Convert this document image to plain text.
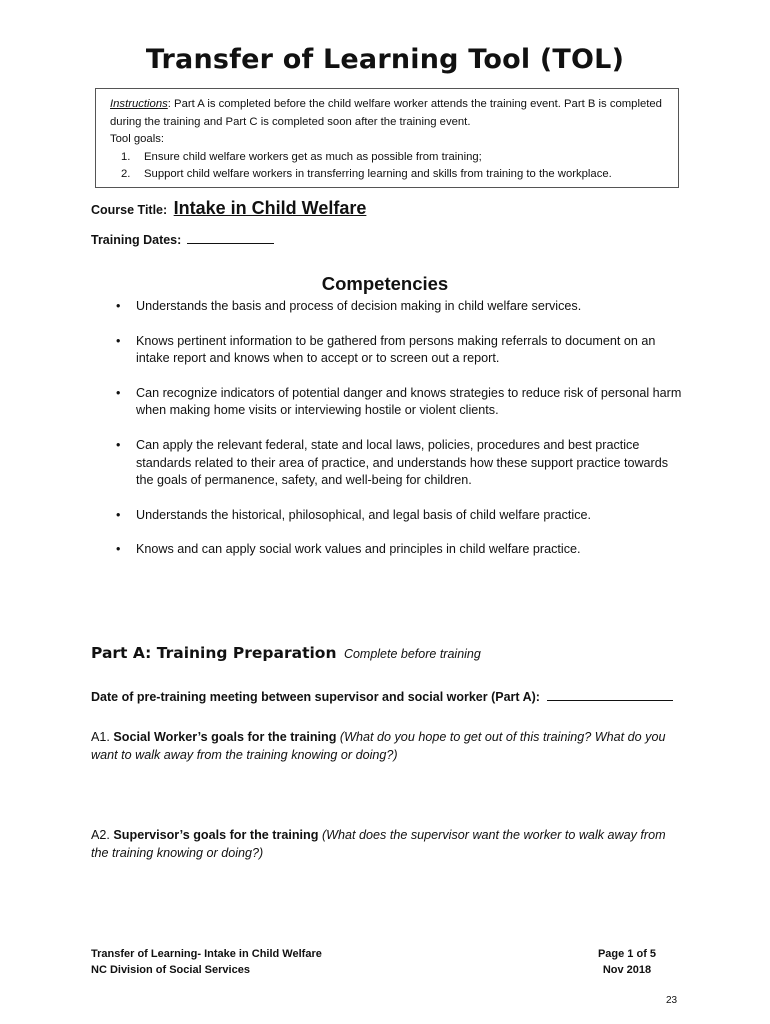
Transfer of Learning Tool (TOL)
Instructions: Part A is completed before the child welfare worker attends the training event. Part B is completed during the training and Part C is completed soon after the training event.
Tool goals:
1. Ensure child welfare workers get as much as possible from training;
2. Support child welfare workers in transferring learning and skills from training to the workplace.
Course Title: Intake in Child Welfare
Training Dates:
Competencies
• Understands the basis and process of decision making in child welfare services.
• Knows pertinent information to be gathered from persons making referrals to document on an intake report and knows when to accept or to screen out a report.
• Can recognize indicators of potential danger and knows strategies to reduce risk of personal harm when making home visits or interviewing hostile or violent clients.
• Can apply the relevant federal, state and local laws, policies, procedures and best practice standards related to their area of practice, and understands how these support practice towards the goals of permanence, safety, and well-being for children.
• Understands the historical, philosophical, and legal basis of child welfare practice.
• Knows and can apply social work values and principles in child welfare practice.
Part A: Training Preparation Complete before training
Date of pre-training meeting between supervisor and social worker (Part A):
A1. Social Worker’s goals for the training (What do you hope to get out of this training? What do you want to walk away from the training knowing or doing?)
A2. Supervisor’s goals for the training (What does the supervisor want the worker to walk away from the training knowing or doing?)
Transfer of Learning- Intake in Child Welfare
NC Division of Social Services
Page 1 of 5
Nov 2018
23
